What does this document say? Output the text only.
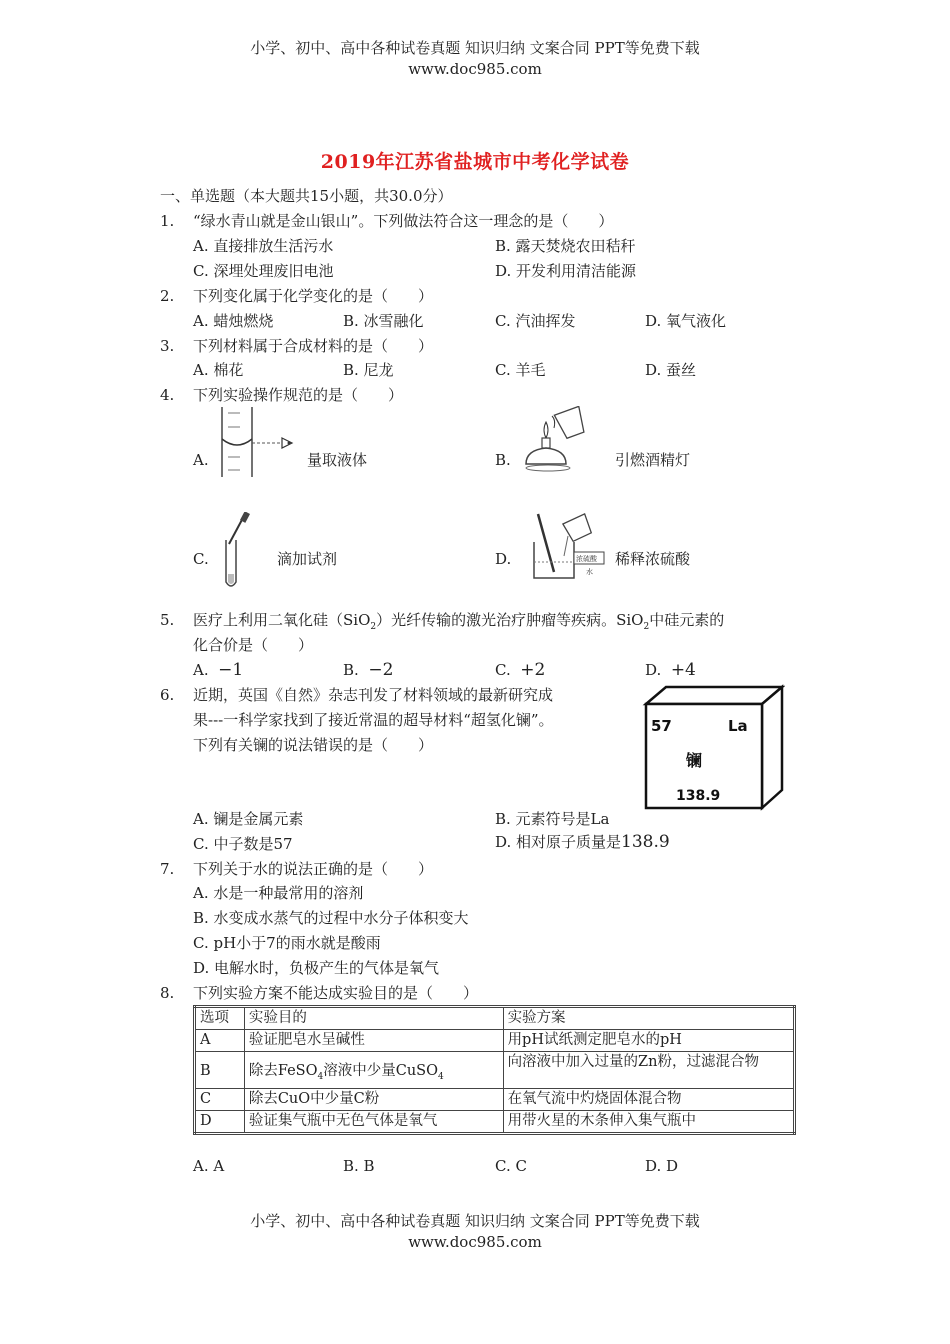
小学、初中、高中各种试卷真题 知识归纳 文案合同 PPT等免费下载
www.doc985.com
2019年江苏省盐城市中考化学试卷
一、单选题（本大题共15小题，共30.0分）
1. “绿水青山就是金山银山”。下列做法符合这一理念的是（　　）
A. 直接排放生活污水	B. 露天焚烧农田秸秆
C. 深埋处理废旧电池	D. 开发利用清洁能源
2. 下列变化属于化学变化的是（　　）
A. 蜡烛燃烧	B. 冰雪融化	C. 汽油挥发	D. 氧气液化
3. 下列材料属于合成材料的是（　　）
A. 棉花	B. 尼龙	C. 羊毛	D. 蚕丝
4. 下列实验操作规范的是（　　）
A.	量取液体	B.	引燃酒精灯
C.	滴加试剂	D.	浓硫酸
水
稀释浓硫酸
5. 医疗上利用二氧化硅（SiO$_2$）光纤传输的激光治疗肿瘤等疾病。SiO$_2$中硅元素的
化合价是（　　）
A. −1	B. −2	C. +2	D. +4
6. 近期，英国《自然》杂志刊发了材料领域的最新研究成
果---一科学家找到了接近常温的超导材料“超氢化镧”。
下列有关镧的说法错误的是（　　）
57	La
镧
138.9
A. 镧是金属元素	B. 元素符号是La
C. 中子数是57	D. 相对原子质量是138.9
7. 下列关于水的说法正确的是（　　）
A. 水是一种最常用的溶剂
B. 水变成水蒸气的过程中水分子体积变大
C. pH小于7的雨水就是酸雨
D. 电解水时，负极产生的气体是氧气
8. 下列实验方案不能达成实验目的是（　　）
选项	实验目的	实验方案
A	验证肥皂水呈碱性	用pH试纸测定肥皂水的pH
B	除去FeSO$_4$溶液中少量CuSO$_4$	向溶液中加入过量的Zn粉，过滤混合物
C	除去CuO中少量C粉	在氧气流中灼烧固体混合物
D	验证集气瓶中无色气体是氧气	用带火星的木条伸入集气瓶中
A. A	B. B	C. C	D. D
小学、初中、高中各种试卷真题 知识归纳 文案合同 PPT等免费下载
www.doc985.com
